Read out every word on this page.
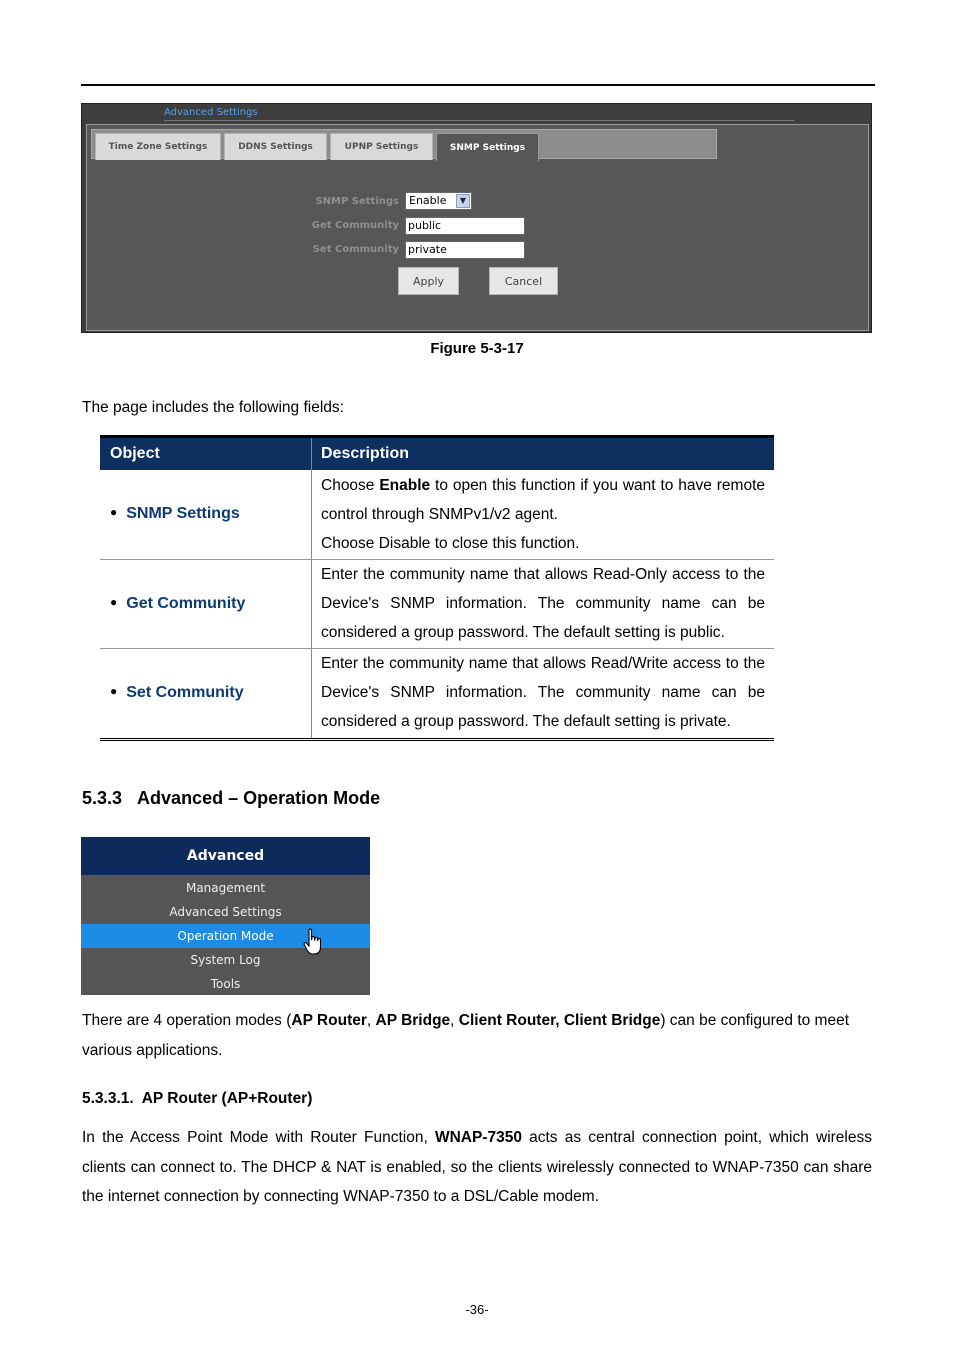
Advanced Settings
Time Zone Settings	DDNS Settings	UPNP Settings	SNMP Settings
SNMP Settings Enable	▼
Get Community public
Set Community private
Apply	Cancel
Figure 5-3-17
The page includes the following fields:
Object	Description
● SNMP Settings
Choose Enable to open this function if you want to have remote control through SNMPv1/v2 agent.
Choose Disable to close this function.
● Get Community
Enter the community name that allows Read-Only access to the Device's SNMP information. The community name can be considered a group password. The default setting is public.
● Set Community
Enter the community name that allows Read/Write access to the Device's SNMP information. The community name can be considered a group password. The default setting is private.
5.3.3 Advanced – Operation Mode
Advanced
Management
Advanced Settings
Operation Mode
System Log
Tools
There are 4 operation modes (AP Router, AP Bridge, Client Router, Client Bridge) can be configured to meet various applications.
5.3.3.1. AP Router (AP+Router)
In the Access Point Mode with Router Function, WNAP-7350 acts as central connection point, which wireless clients can connect to. The DHCP & NAT is enabled, so the clients wirelessly connected to WNAP-7350 can share the internet connection by connecting WNAP-7350 to a DSL/Cable modem.
-36-
